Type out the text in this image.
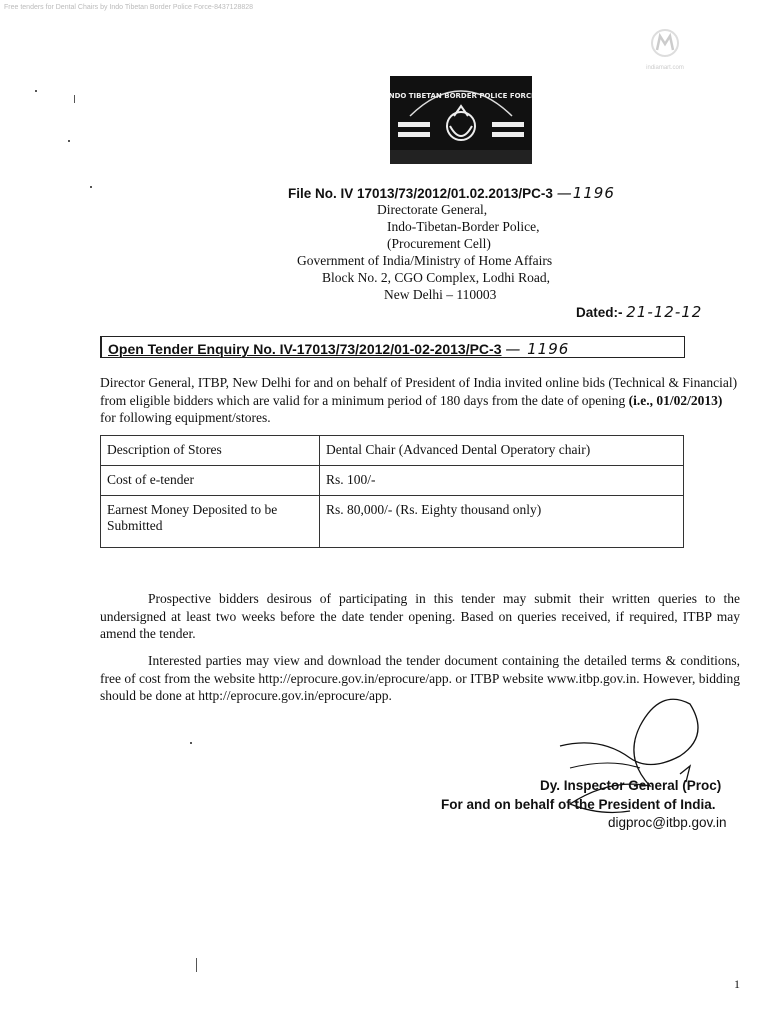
Free tenders for Dental Chairs by Indo Tibetan Border Police Force-8437128828
indiamart.com
INDO TIBETAN BORDER POLICE FORCE
File No. IV 17013/73/2012/01.02.2013/PC-3 —1196
Directorate General,
Indo-Tibetan-Border Police,
(Procurement Cell)
Government of India/Ministry of Home Affairs
Block No. 2, CGO Complex, Lodhi Road,
New Delhi – 110003
Dated:- 21-12-12
Open Tender Enquiry No. IV-17013/73/2012/01-02-2013/PC-3 — 1196
Director General, ITBP, New Delhi for and on behalf of President of India invited online bids (Technical & Financial) from eligible bidders which are valid for a minimum period of 180 days from the date of opening (i.e., 01/02/2013) for following equipment/stores.
Description of Stores	Dental Chair (Advanced Dental Operatory chair)
Cost of e-tender	Rs. 100/-
Earnest Money Deposited to be Submitted	Rs. 80,000/- (Rs. Eighty thousand only)
Prospective bidders desirous of participating in this tender may submit their written queries to the undersigned at least two weeks before the date tender opening. Based on queries received, if required, ITBP may amend the tender.
Interested parties may view and download the tender document containing the detailed terms & conditions, free of cost from the website http://eprocure.gov.in/eprocure/app. or ITBP website www.itbp.gov.in. However, bidding should be done at http://eprocure.gov.in/eprocure/app.
Dy. Inspector General (Proc)
For and on behalf of the President of India.
digproc@itbp.gov.in
1
